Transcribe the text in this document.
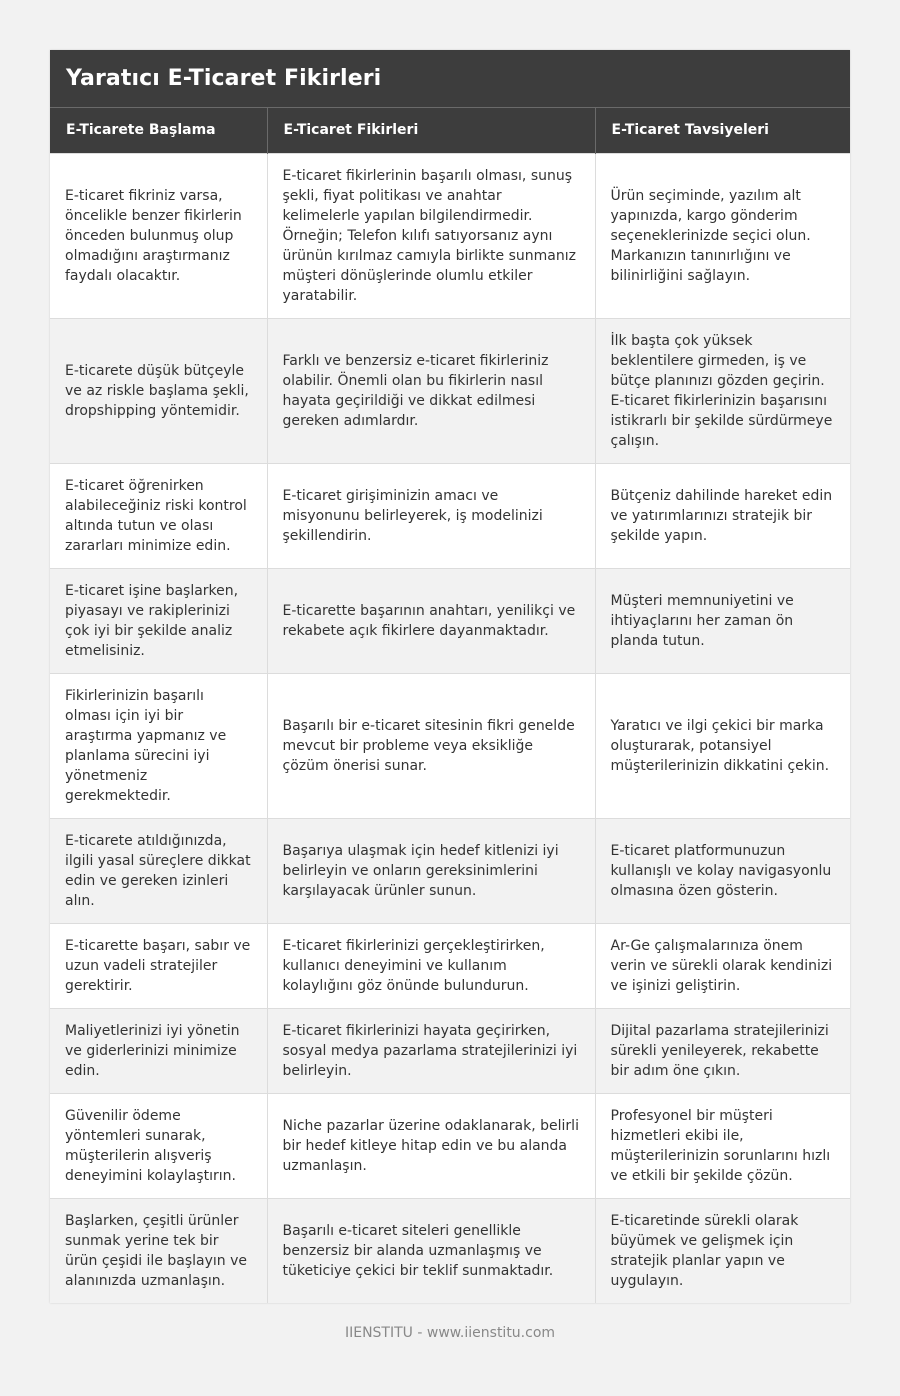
Yaratıcı E-Ticaret Fikirleri
E-Ticarete Başlama	E-Ticaret Fikirleri	E-Ticaret Tavsiyeleri
E-ticaret fikriniz varsa, öncelikle benzer fikirlerin önceden bulunmuş olup olmadığını araştırmanız faydalı olacaktır.	E-ticaret fikirlerinin başarılı olması, sunuş şekli, fiyat politikası ve anahtar kelimelerle yapılan bilgilendirmedir. Örneğin; Telefon kılıfı satıyorsanız aynı ürünün kırılmaz camıyla birlikte sunmanız müşteri dönüşlerinde olumlu etkiler yaratabilir.	Ürün seçiminde, yazılım alt yapınızda, kargo gönderim seçeneklerinizde seçici olun. Markanızın tanınırlığını ve bilinirliğini sağlayın.
E-ticarete düşük bütçeyle ve az riskle başlama şekli, dropshipping yöntemidir.	Farklı ve benzersiz e-ticaret fikirleriniz olabilir. Önemli olan bu fikirlerin nasıl hayata geçirildiği ve dikkat edilmesi gereken adımlardır.	İlk başta çok yüksek beklentilere girmeden, iş ve bütçe planınızı gözden geçirin. E-ticaret fikirlerinizin başarısını istikrarlı bir şekilde sürdürmeye çalışın.
E-ticaret öğrenirken alabileceğiniz riski kontrol altında tutun ve olası zararları minimize edin.	E-ticaret girişiminizin amacı ve misyonunu belirleyerek, iş modelinizi şekillendirin.	Bütçeniz dahilinde hareket edin ve yatırımlarınızı stratejik bir şekilde yapın.
E-ticaret işine başlarken, piyasayı ve rakiplerinizi çok iyi bir şekilde analiz etmelisiniz.	E-ticarette başarının anahtarı, yenilikçi ve rekabete açık fikirlere dayanmaktadır.	Müşteri memnuniyetini ve ihtiyaçlarını her zaman ön planda tutun.
Fikirlerinizin başarılı olması için iyi bir araştırma yapmanız ve planlama sürecini iyi yönetmeniz gerekmektedir.	Başarılı bir e-ticaret sitesinin fikri genelde mevcut bir probleme veya eksikliğe çözüm önerisi sunar.	Yaratıcı ve ilgi çekici bir marka oluşturarak, potansiyel müşterilerinizin dikkatini çekin.
E-ticarete atıldığınızda, ilgili yasal süreçlere dikkat edin ve gereken izinleri alın.	Başarıya ulaşmak için hedef kitlenizi iyi belirleyin ve onların gereksinimlerini karşılayacak ürünler sunun.	E-ticaret platformunuzun kullanışlı ve kolay navigasyonlu olmasına özen gösterin.
E-ticarette başarı, sabır ve uzun vadeli stratejiler gerektirir.	E-ticaret fikirlerinizi gerçekleştirirken, kullanıcı deneyimini ve kullanım kolaylığını göz önünde bulundurun.	Ar-Ge çalışmalarınıza önem verin ve sürekli olarak kendinizi ve işinizi geliştirin.
Maliyetlerinizi iyi yönetin ve giderlerinizi minimize edin.	E-ticaret fikirlerinizi hayata geçirirken, sosyal medya pazarlama stratejilerinizi iyi belirleyin.	Dijital pazarlama stratejilerinizi sürekli yenileyerek, rekabette bir adım öne çıkın.
Güvenilir ödeme yöntemleri sunarak, müşterilerin alışveriş deneyimini kolaylaştırın.	Niche pazarlar üzerine odaklanarak, belirli bir hedef kitleye hitap edin ve bu alanda uzmanlaşın.	Profesyonel bir müşteri hizmetleri ekibi ile, müşterilerinizin sorunlarını hızlı ve etkili bir şekilde çözün.
Başlarken, çeşitli ürünler sunmak yerine tek bir ürün çeşidi ile başlayın ve alanınızda uzmanlaşın.	Başarılı e-ticaret siteleri genellikle benzersiz bir alanda uzmanlaşmış ve tüketiciye çekici bir teklif sunmaktadır.	E-ticaretinde sürekli olarak büyümek ve gelişmek için stratejik planlar yapın ve uygulayın.
IIENSTITU - www.iienstitu.com
